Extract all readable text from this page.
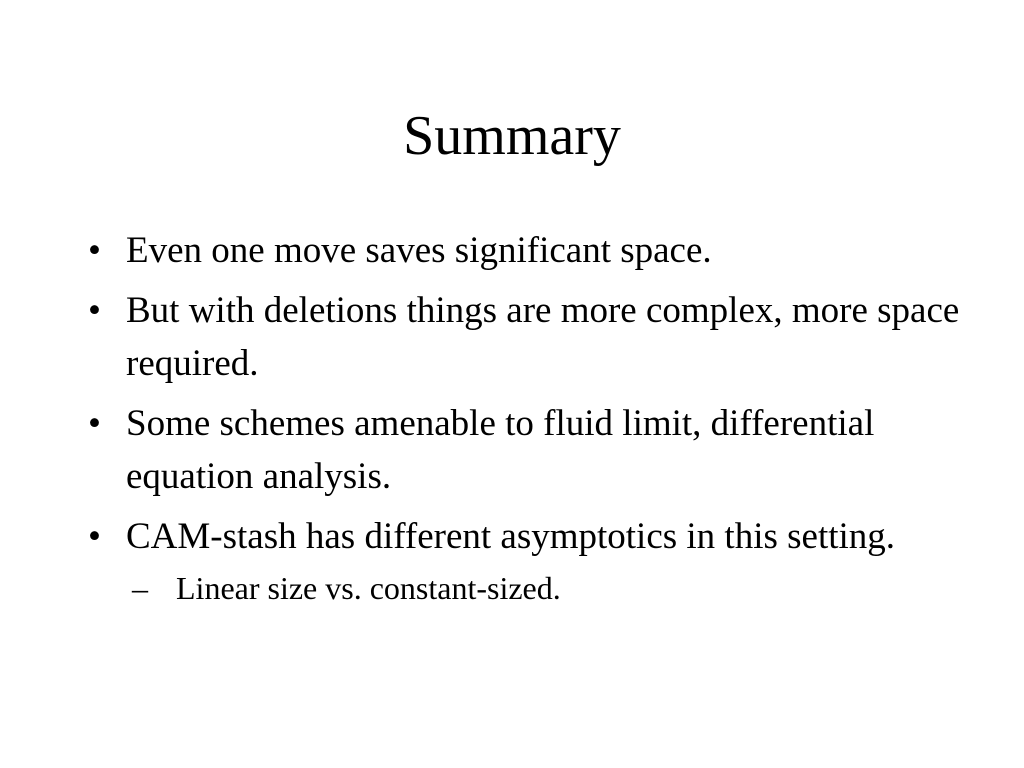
Summary
• Even one move saves significant space.
• But with deletions things are more complex, more space required.
• Some schemes amenable to fluid limit, differential equation analysis.
• CAM-stash has different asymptotics in this setting.
– Linear size vs. constant-sized.
